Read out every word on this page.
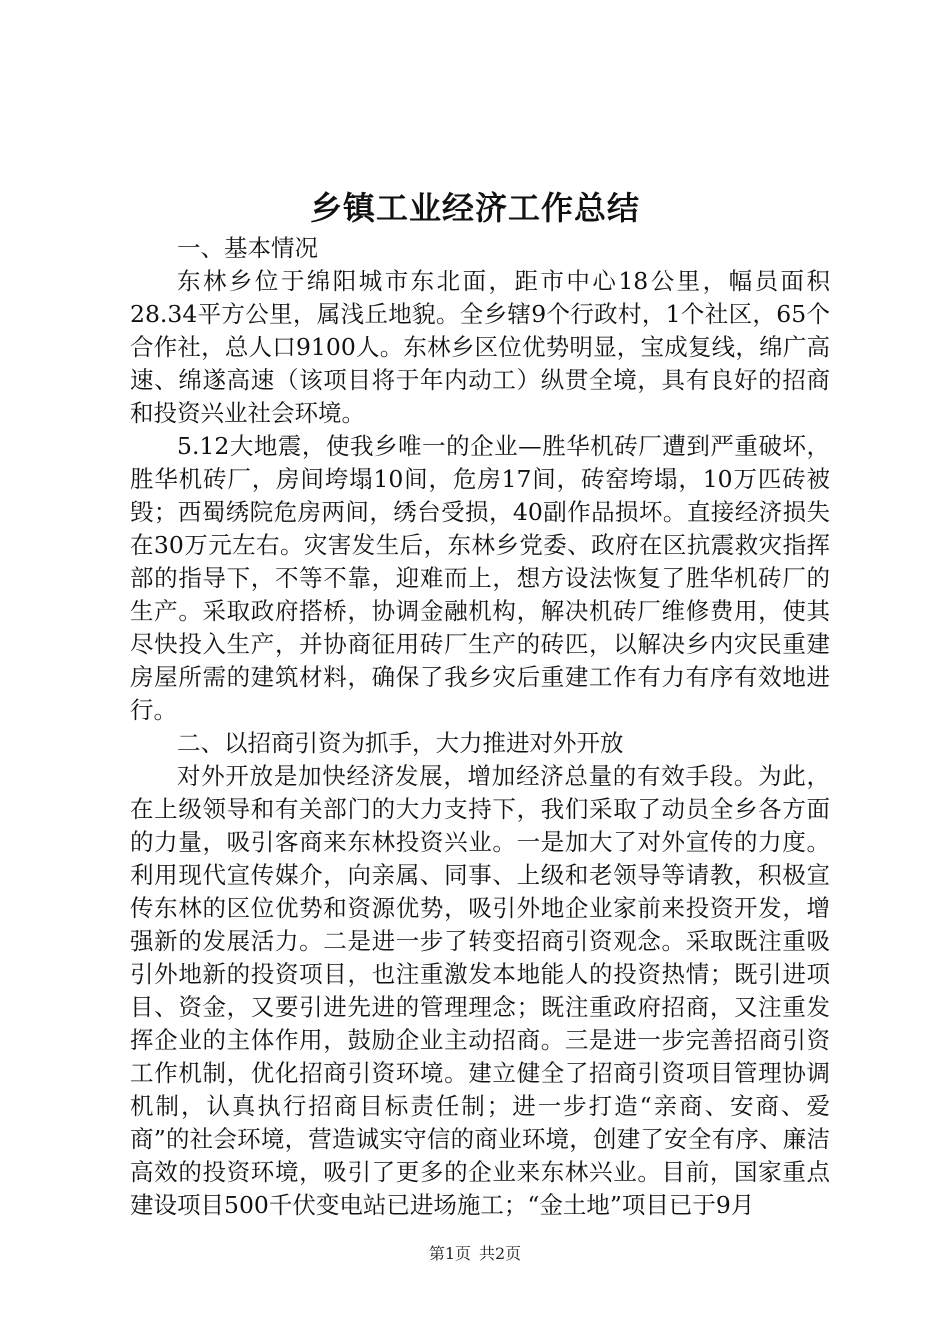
乡镇工业经济工作总结

一、基本情况

东林乡位于绵阳城市东北面，距市中心18公里，幅员面积28.34平方公里，属浅丘地貌。全乡辖9个行政村，1个社区，65个合作社，总人口9100人。东林乡区位优势明显，宝成复线，绵广高速、绵遂高速（该项目将于年内动工）纵贯全境，具有良好的招商和投资兴业社会环境。

5.12大地震，使我乡唯一的企业—胜华机砖厂遭到严重破坏，胜华机砖厂，房间垮塌10间，危房17间，砖窑垮塌，10万匹砖被毁；西蜀绣院危房两间，绣台受损，40副作品损坏。直接经济损失在30万元左右。灾害发生后，东林乡党委、政府在区抗震救灾指挥部的指导下，不等不靠，迎难而上，想方设法恢复了胜华机砖厂的生产。采取政府搭桥，协调金融机构，解决机砖厂维修费用，使其尽快投入生产，并协商征用砖厂生产的砖匹，以解决乡内灾民重建房屋所需的建筑材料，确保了我乡灾后重建工作有力有序有效地进行。

二、以招商引资为抓手，大力推进对外开放

对外开放是加快经济发展，增加经济总量的有效手段。为此，在上级领导和有关部门的大力支持下，我们采取了动员全乡各方面的力量，吸引客商来东林投资兴业。一是加大了对外宣传的力度。利用现代宣传媒介，向亲属、同事、上级和老领导等请教，积极宣传东林的区位优势和资源优势，吸引外地企业家前来投资开发，增强新的发展活力。二是进一步了转变招商引资观念。采取既注重吸引外地新的投资项目，也注重激发本地能人的投资热情；既引进项目、资金，又要引进先进的管理理念；既注重政府招商，又注重发挥企业的主体作用，鼓励企业主动招商。三是进一步完善招商引资工作机制，优化招商引资环境。建立健全了招商引资项目管理协调机制，认真执行招商目标责任制；进一步打造“亲商、安商、爱商”的社会环境，营造诚实守信的商业环境，创建了安全有序、廉洁高效的投资环境，吸引了更多的企业来东林兴业。目前，国家重点建设项目500千伏变电站已进场施工；“金土地”项目已于9月

第1页 共2页
